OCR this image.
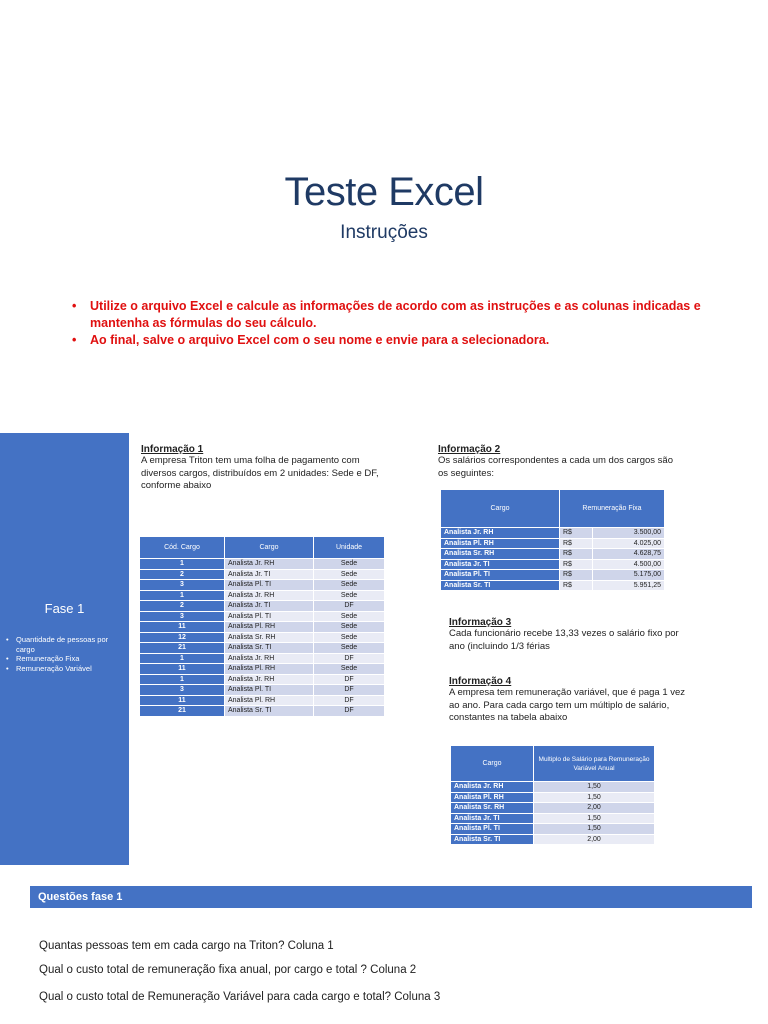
Teste Excel
Instruções
• Utilize o arquivo Excel e calcule as informações de acordo com as instruções e as colunas indicadas e mantenha as fórmulas do seu cálculo.
• Ao final, salve o arquivo Excel com o seu nome e envie para a selecionadora.
Fase 1
• Quantidade de pessoas por cargo
• Remuneração Fixa
• Remuneração Variável
Informação 1
A empresa Triton tem uma folha de pagamento com diversos cargos, distribuídos em 2 unidades: Sede e DF, conforme abaixo
Cód. Cargo	Cargo	Unidade
1	Analista Jr. RH	Sede
2	Analista Jr. TI	Sede
3	Analista Pl. TI	Sede
1	Analista Jr. RH	Sede
2	Analista Jr. TI	DF
3	Analista Pl. TI	Sede
11	Analista Pl. RH	Sede
12	Analista Sr. RH	Sede
21	Analista Sr. TI	Sede
1	Analista Jr. RH	DF
11	Analista Pl. RH	Sede
1	Analista Jr. RH	DF
3	Analista Pl. TI	DF
11	Analista Pl. RH	DF
21	Analista Sr. TI	DF
Informação 2
Os salários correspondentes a cada um dos cargos são os seguintes:
Cargo	Remuneração Fixa	
Analista Jr. RH	R$	3.500,00
Analista Pl. RH	R$	4.025,00
Analista Sr. RH	R$	4.628,75
Analista Jr. TI	R$	4.500,00
Analista Pl. TI	R$	5.175,00
Analista Sr. TI	R$	5.951,25
Informação 3
Cada funcionário recebe 13,33 vezes o salário fixo por ano (incluindo 1/3 férias
Informação 4
A empresa tem remuneração variável, que é paga 1 vez ao ano. Para cada cargo tem um múltiplo de salário, constantes na tabela abaixo
Cargo	Multiplo de Salário para Remuneração Variável Anual
Analista Jr. RH	1,50
Analista Pl. RH	1,50
Analista Sr. RH	2,00
Analista Jr. TI	1,50
Analista Pl. TI	1,50
Analista Sr. TI	2,00
Questões fase 1
Quantas pessoas tem em cada cargo na Triton? Coluna 1
Qual o custo total de remuneração fixa anual, por cargo e total ? Coluna 2
Qual o custo total de Remuneração Variável para cada cargo e total? Coluna 3
